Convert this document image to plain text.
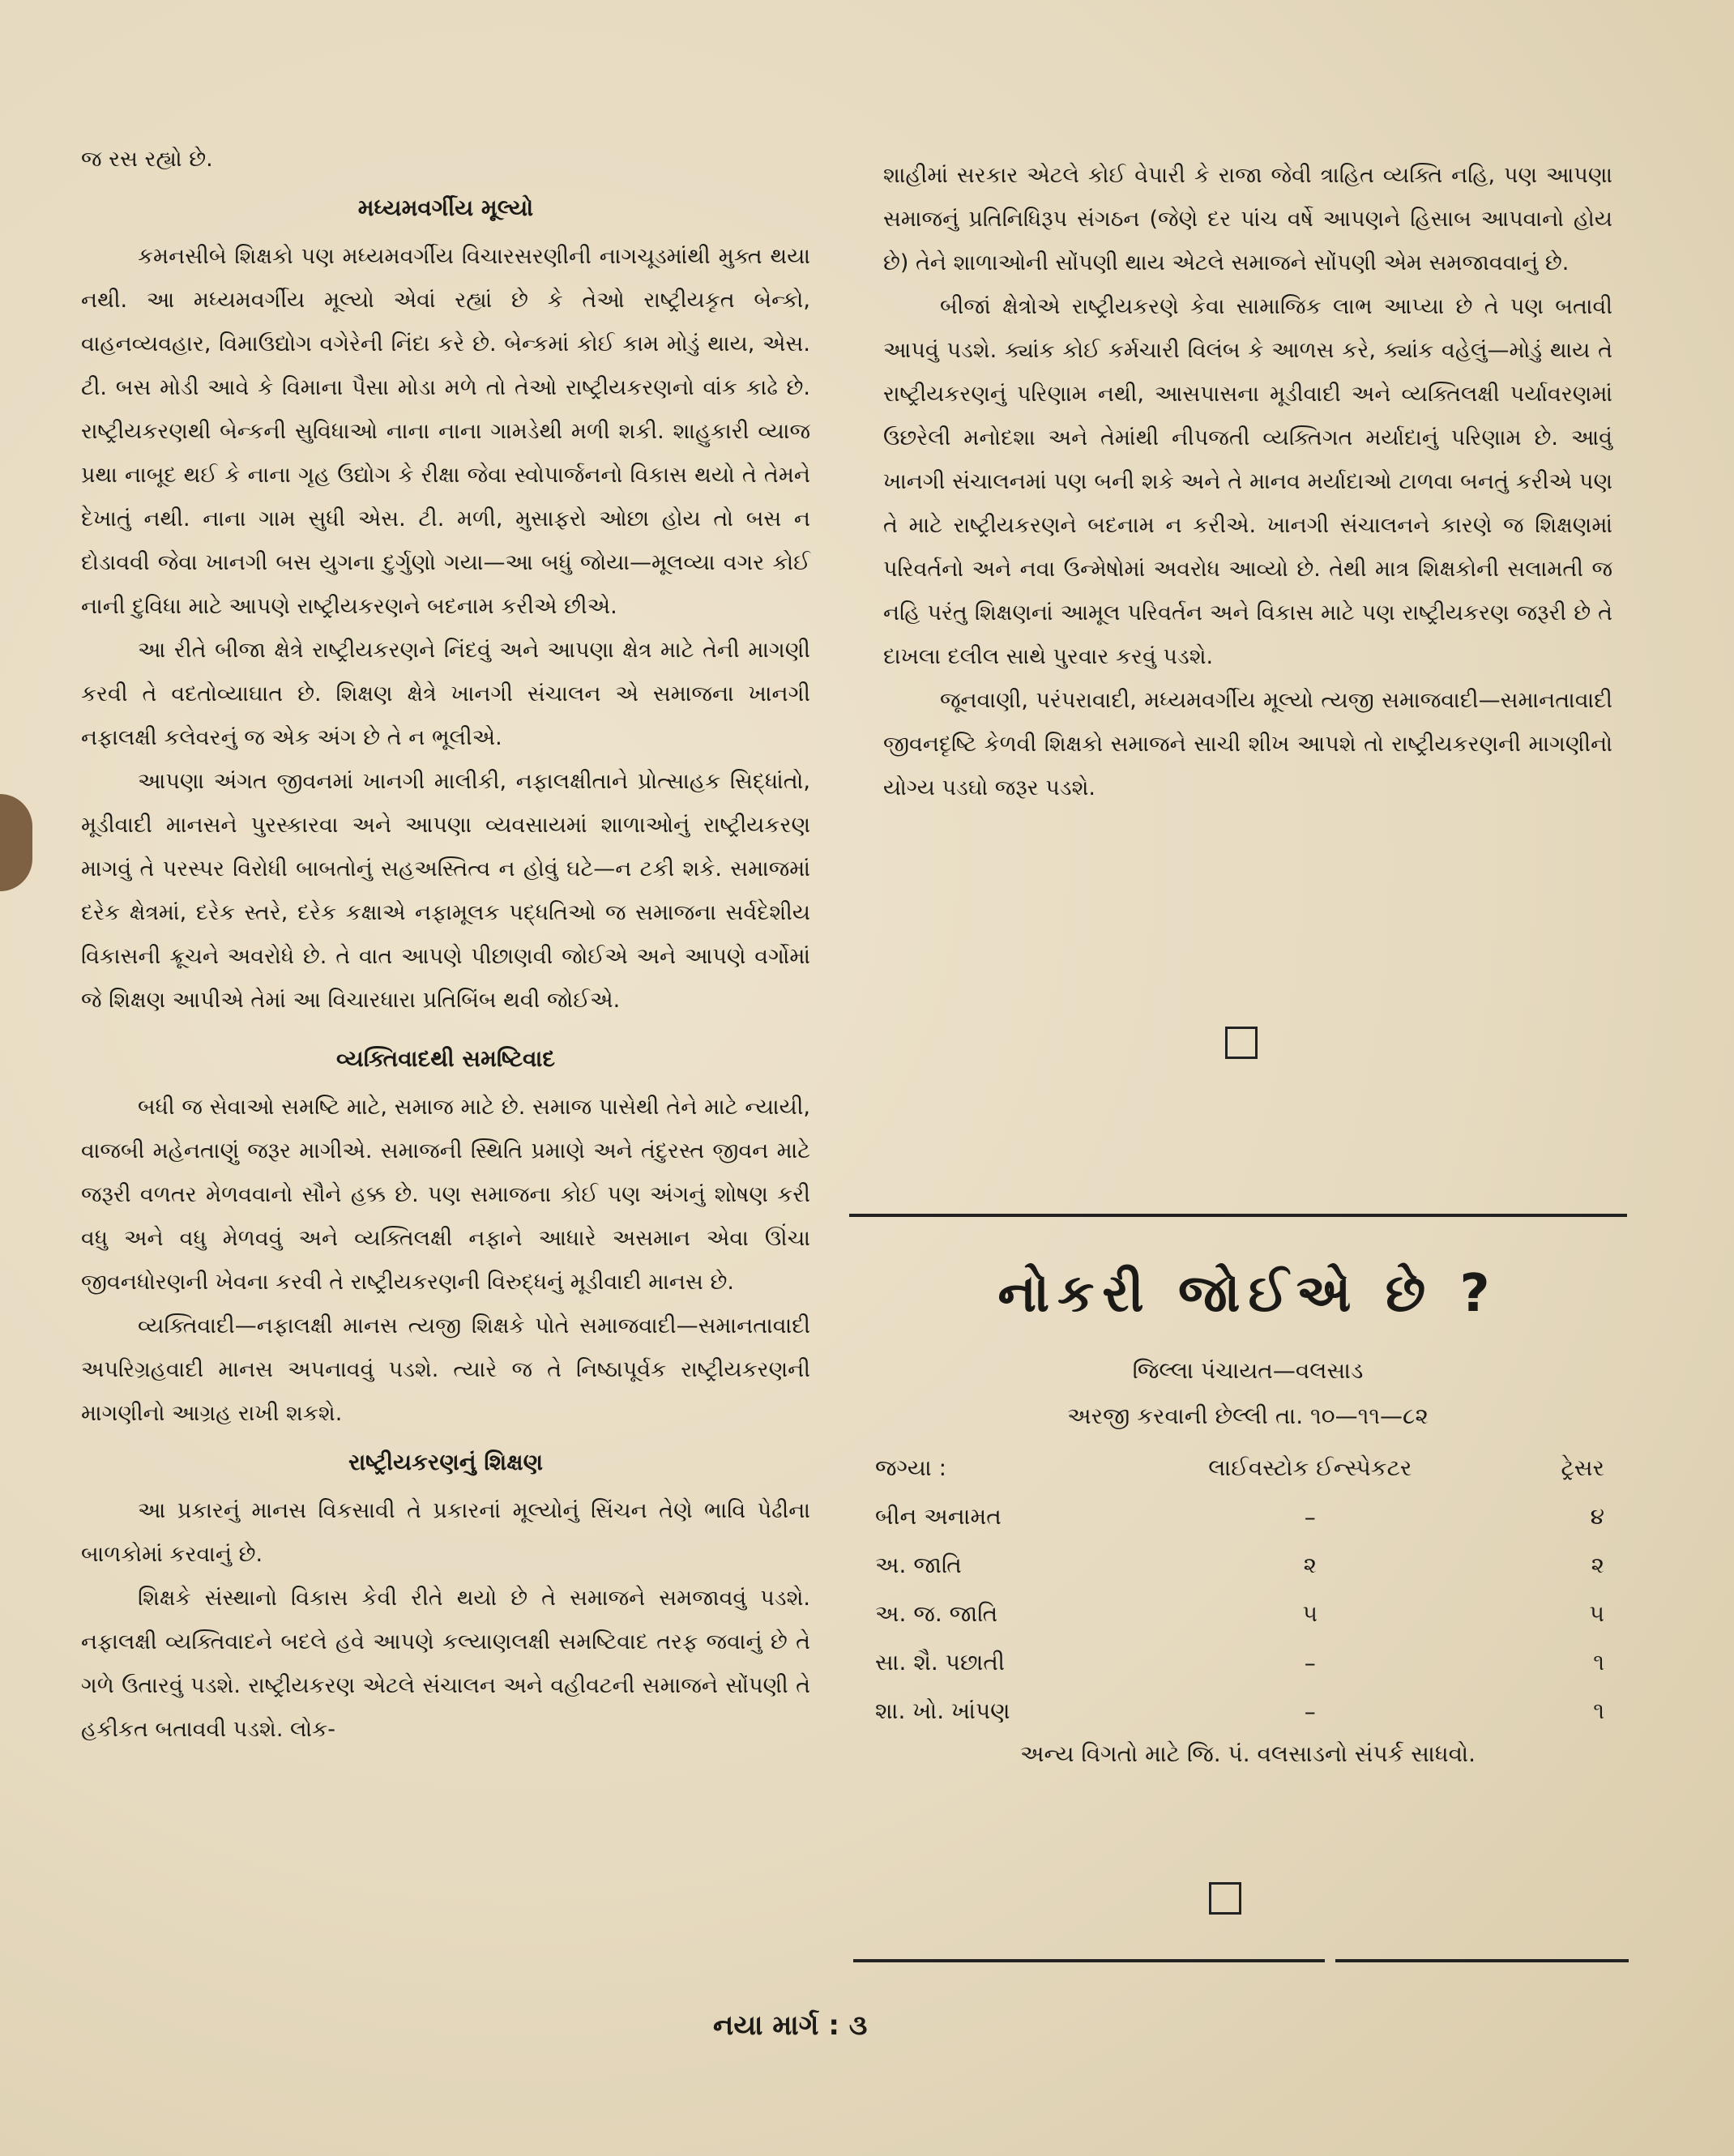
જ રસ રહ્યો છે.

મધ્યમવર્ગીય મૂલ્યો

કમનસીબે શિક્ષકો પણ મધ્યમવર્ગીય વિચારસરણીની નાગચૂડમાંથી મુક્ત થયા નથી. આ મધ્યમવર્ગીય મૂલ્યો એવાં રહ્યાં છે કે તેઓ રાષ્ટ્રીયકૃત બેન્કો, વાહનવ્યવહાર, વિમાઉદ્યોગ વગેરેની નિંદા કરે છે. બેન્કમાં કોઈ કામ મોડું થાય, એસ. ટી. બસ મોડી આવે કે વિમાના પૈસા મોડા મળે તો તેઓ રાષ્ટ્રીયકરણનો વાંક કાઢે છે. રાષ્ટ્રીયકરણથી બેન્કની સુવિધાઓ નાના નાના ગામડેથી મળી શકી. શાહુકારી વ્યાજ પ્રથા નાબૂદ થઈ કે નાના ગૃહ ઉદ્યોગ કે રીક્ષા જેવા સ્વોપાર્જનનો વિકાસ થયો તે તેમને દેખાતું નથી. નાના ગામ સુધી એસ. ટી. મળી, મુસાફરો ઓછા હોય તો બસ ન દોડાવવી જેવા ખાનગી બસ યુગના દુર્ગુણો ગયા—આ બધું જોયા—મૂલવ્યા વગર કોઈ નાની દુવિધા માટે આપણે રાષ્ટ્રીયકરણને બદનામ કરીએ છીએ.

આ રીતે બીજા ક્ષેત્રે રાષ્ટ્રીયકરણને નિંદવું અને આપણા ક્ષેત્ર માટે તેની માગણી કરવી તે વદતોવ્યાઘાત છે. શિક્ષણ ક્ષેત્રે ખાનગી સંચાલન એ સમાજના ખાનગી નફાલક્ષી કલેવરનું જ એક અંગ છે તે ન ભૂલીએ.

આપણા અંગત જીવનમાં ખાનગી માલીકી, નફાલક્ષીતાને પ્રોત્સાહક સિદ્ધાંતો, મૂડીવાદી માનસને પુરસ્કારવા અને આપણા વ્યવસાયમાં શાળાઓનું રાષ્ટ્રીયકરણ માગવું તે પરસ્પર વિરોધી બાબતોનું સહઅસ્તિત્વ ન હોવું ઘટે—ન ટકી શકે. સમાજમાં દરેક ક્ષેત્રમાં, દરેક સ્તરે, દરેક કક્ષાએ નફામૂલક પદ્ધતિઓ જ સમાજના સર્વદેશીય વિકાસની ક્રૂચને અવરોધે છે. તે વાત આપણે પીછાણવી જોઈએ અને આપણે વર્ગોમાં જે શિક્ષણ આપીએ તેમાં આ વિચારધારા પ્રતિબિંબ થવી જોઈએ.

વ્યક્તિવાદથી સમષ્ટિવાદ

બધી જ સેવાઓ સમષ્ટિ માટે, સમાજ માટે છે. સમાજ પાસેથી તેને માટે ન્યાયી, વાજબી મહેનતાણું જરૂર માગીએ. સમાજની સ્થિતિ પ્રમાણે અને તંદુરસ્ત જીવન માટે જરૂરી વળતર મેળવવાનો સૌને હક્ક છે. પણ સમાજના કોઈ પણ અંગનું શોષણ કરી વધુ અને વધુ મેળવવું અને વ્યક્તિલક્ષી નફાને આધારે અસમાન એવા ઊંચા જીવનધોરણની ખેવના કરવી તે રાષ્ટ્રીયકરણની વિરુદ્ધનું મૂડીવાદી માનસ છે.

વ્યક્તિવાદી—નફાલક્ષી માનસ ત્યજી શિક્ષકે પોતે સમાજવાદી—સમાનતાવાદી અપરિગ્રહવાદી માનસ અપનાવવું પડશે. ત્યારે જ તે નિષ્ઠાપૂર્વક રાષ્ટ્રીયકરણની માગણીનો આગ્રહ રાખી શકશે.

રાષ્ટ્રીયકરણનું શિક્ષણ

આ પ્રકારનું માનસ વિકસાવી તે પ્રકારનાં મૂલ્યોનું સિંચન તેણે ભાવિ પેઢીના બાળકોમાં કરવાનું છે.

શિક્ષકે સંસ્થાનો વિકાસ કેવી રીતે થયો છે તે સમાજને સમજાવવું પડશે. નફાલક્ષી વ્યક્તિવાદને બદલે હવે આપણે કલ્યાણલક્ષી સમષ્ટિવાદ તરફ જવાનું છે તે ગળે ઉતારવું પડશે. રાષ્ટ્રીયકરણ એટલે સંચાલન અને વહીવટની સમાજને સોંપણી તે હકીકત બતાવવી પડશે. લોક-

શાહીમાં સરકાર એટલે કોઈ વેપારી કે રાજા જેવી ત્રાહિત વ્યક્તિ નહિ, પણ આપણા સમાજનું પ્રતિનિધિરૂપ સંગઠન (જેણે દર પાંચ વર્ષે આપણને હિસાબ આપવાનો હોય છે) તેને શાળાઓની સોંપણી થાય એટલે સમાજને સોંપણી એમ સમજાવવાનું છે.

બીજાં ક્ષેત્રોએ રાષ્ટ્રીયકરણે કેવા સામાજિક લાભ આપ્યા છે તે પણ બતાવી આપવું પડશે. ક્યાંક કોઈ કર્મચારી વિલંબ કે આળસ કરે, ક્યાંક વહેલું—મોડું થાય તે રાષ્ટ્રીયકરણનું પરિણામ નથી, આસપાસના મૂડીવાદી અને વ્યક્તિલક્ષી પર્યાવરણમાં ઉછરેલી મનોદશા અને તેમાંથી નીપજતી વ્યક્તિગત મર્યાદાનું પરિણામ છે. આવું ખાનગી સંચાલનમાં પણ બની શકે અને તે માનવ મર્યાદાઓ ટાળવા બનતું કરીએ પણ તે માટે રાષ્ટ્રીયકરણને બદનામ ન કરીએ. ખાનગી સંચાલનને કારણે જ શિક્ષણમાં પરિવર્તનો અને નવા ઉન્મેષોમાં અવરોધ આવ્યો છે. તેથી માત્ર શિક્ષકોની સલામતી જ નહિ પરંતુ શિક્ષણનાં આમૂલ પરિવર્તન અને વિકાસ માટે પણ રાષ્ટ્રીયકરણ જરૂરી છે તે દાખલા દલીલ સાથે પુરવાર કરવું પડશે.

જૂનવાણી, પરંપરાવાદી, મધ્યમવર્ગીય મૂલ્યો ત્યજી સમાજવાદી—સમાનતાવાદી જીવનદૃષ્ટિ કેળવી શિક્ષકો સમાજને સાચી શીખ આપશે તો રાષ્ટ્રીયકરણની માગણીનો યોગ્ય પડઘો જરૂર પડશે.

નોકરી જોઈએ છે ?
જિલ્લા પંચાયત—વલસાડ
અરજી કરવાની છેલ્લી તા. ૧૦—૧૧—૮૨
જગ્યા :	લાઈવસ્ટોક ઈન્સ્પેકટર	ટ્રેસર
બીન અનામત	–	૪
અ. જાતિ	૨	૨
અ. જ. જાતિ	૫	૫
સા. શૈ. પછાતી	–	૧
શા. ખો. ખાંપણ	–	૧
અન્ય વિગતો માટે જિ. પં. વલસાડનો સંપર્ક સાધવો.
નયા માર્ગ : ૩
